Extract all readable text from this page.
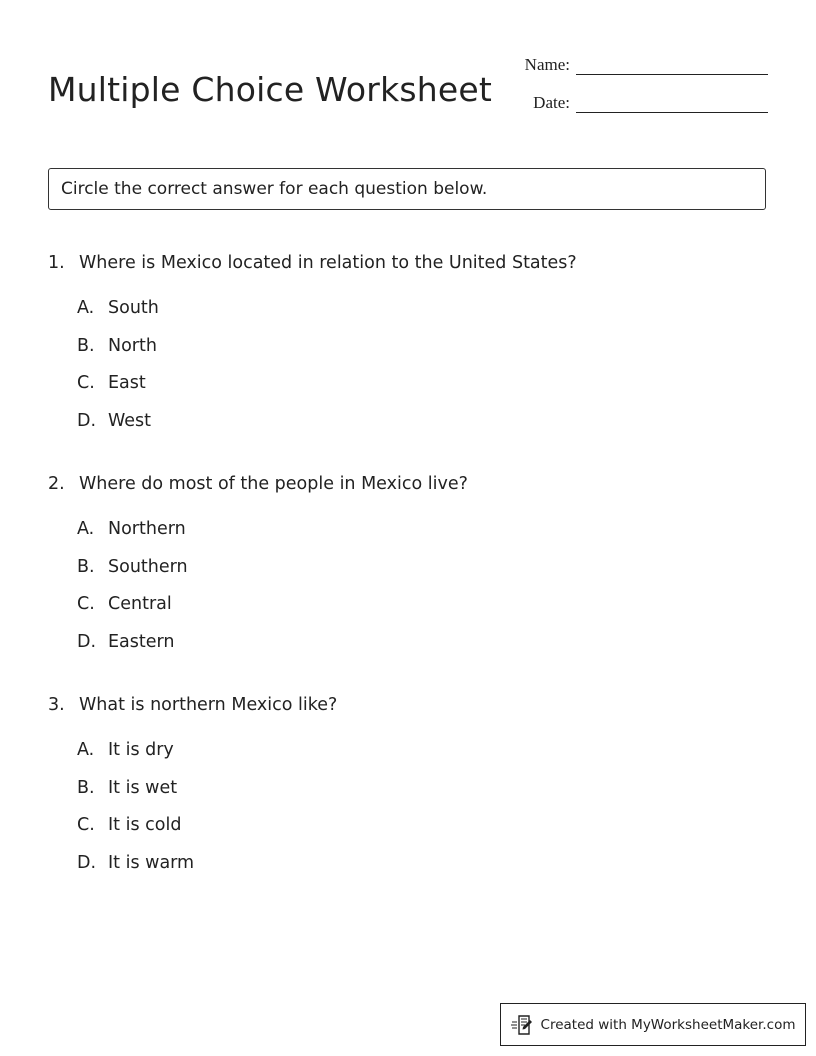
Multiple Choice Worksheet
Name:
Date:
Circle the correct answer for each question below.
1. Where is Mexico located in relation to the United States?
A. South
B. North
C. East
D. West
2. Where do most of the people in Mexico live?
A. Northern
B. Southern
C. Central
D. Eastern
3. What is northern Mexico like?
A. It is dry
B. It is wet
C. It is cold
D. It is warm
Created with MyWorksheetMaker.com
